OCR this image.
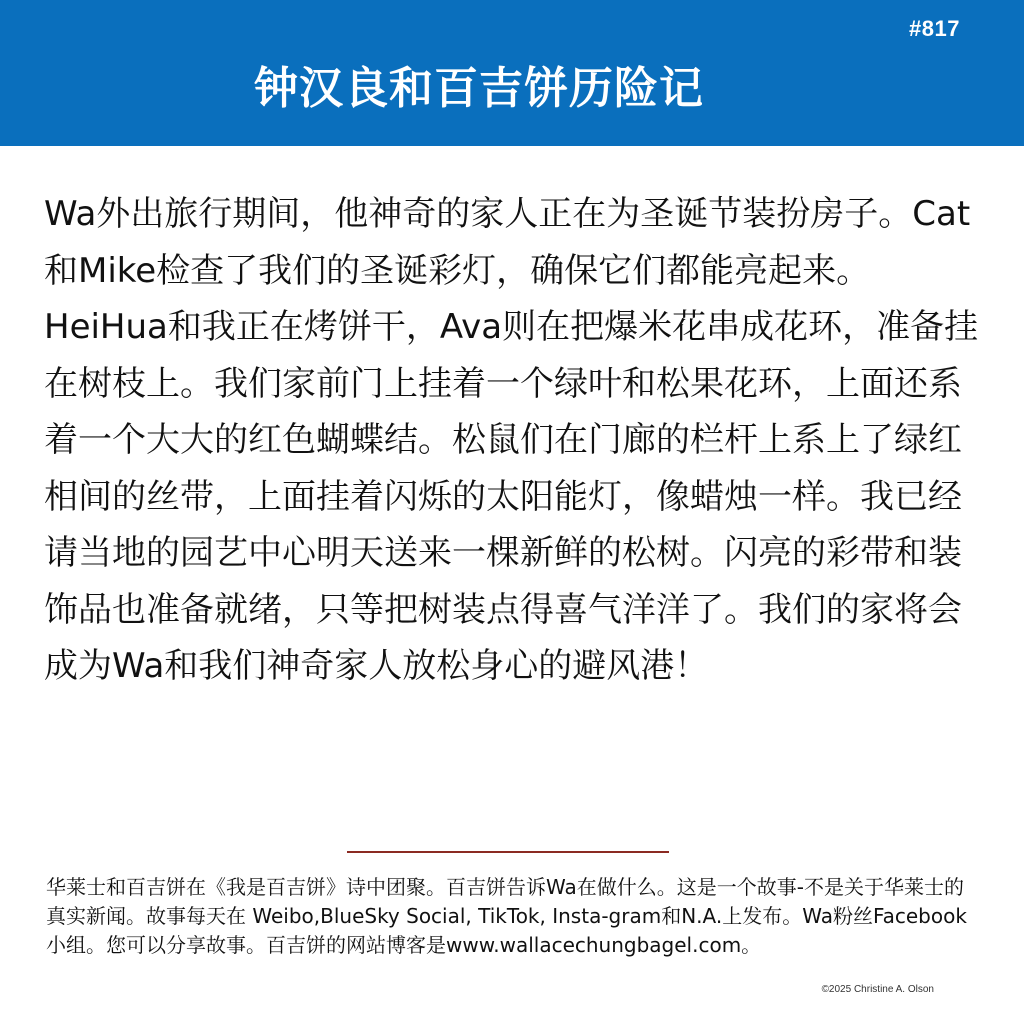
#817
钟汉良和百吉饼历险记

Wa外出旅行期间，他神奇的家人正在为圣诞节装扮房子。Cat和Mike检查了我们的圣诞彩灯，确保它们都能亮起来。HeiHua和我正在烤饼干，Ava则在把爆米花串成花环，准备挂在树枝上。我们家前门上挂着一个绿叶和松果花环，上面还系着一个大大的红色蝴蝶结。松鼠们在门廊的栏杆上系上了绿红相间的丝带，上面挂着闪烁的太阳能灯，像蜡烛一样。我已经请当地的园艺中心明天送来一棵新鲜的松树。闪亮的彩带和装饰品也准备就绪，只等把树装点得喜气洋洋了。我们的家将会成为Wa和我们神奇家人放松身心的避风港！

华莱士和百吉饼在《我是百吉饼》诗中团聚。百吉饼告诉Wa在做什么。这是一个故事-不是关于华莱士的真实新闻。故事每天在 Weibo,BlueSky Social, TikTok, Insta-gram和N.A.上发布。Wa粉丝Facebook小组。您可以分享故事。百吉饼的网站博客是www.wallacechungbagel.com。

©2025 Christine A. Olson
